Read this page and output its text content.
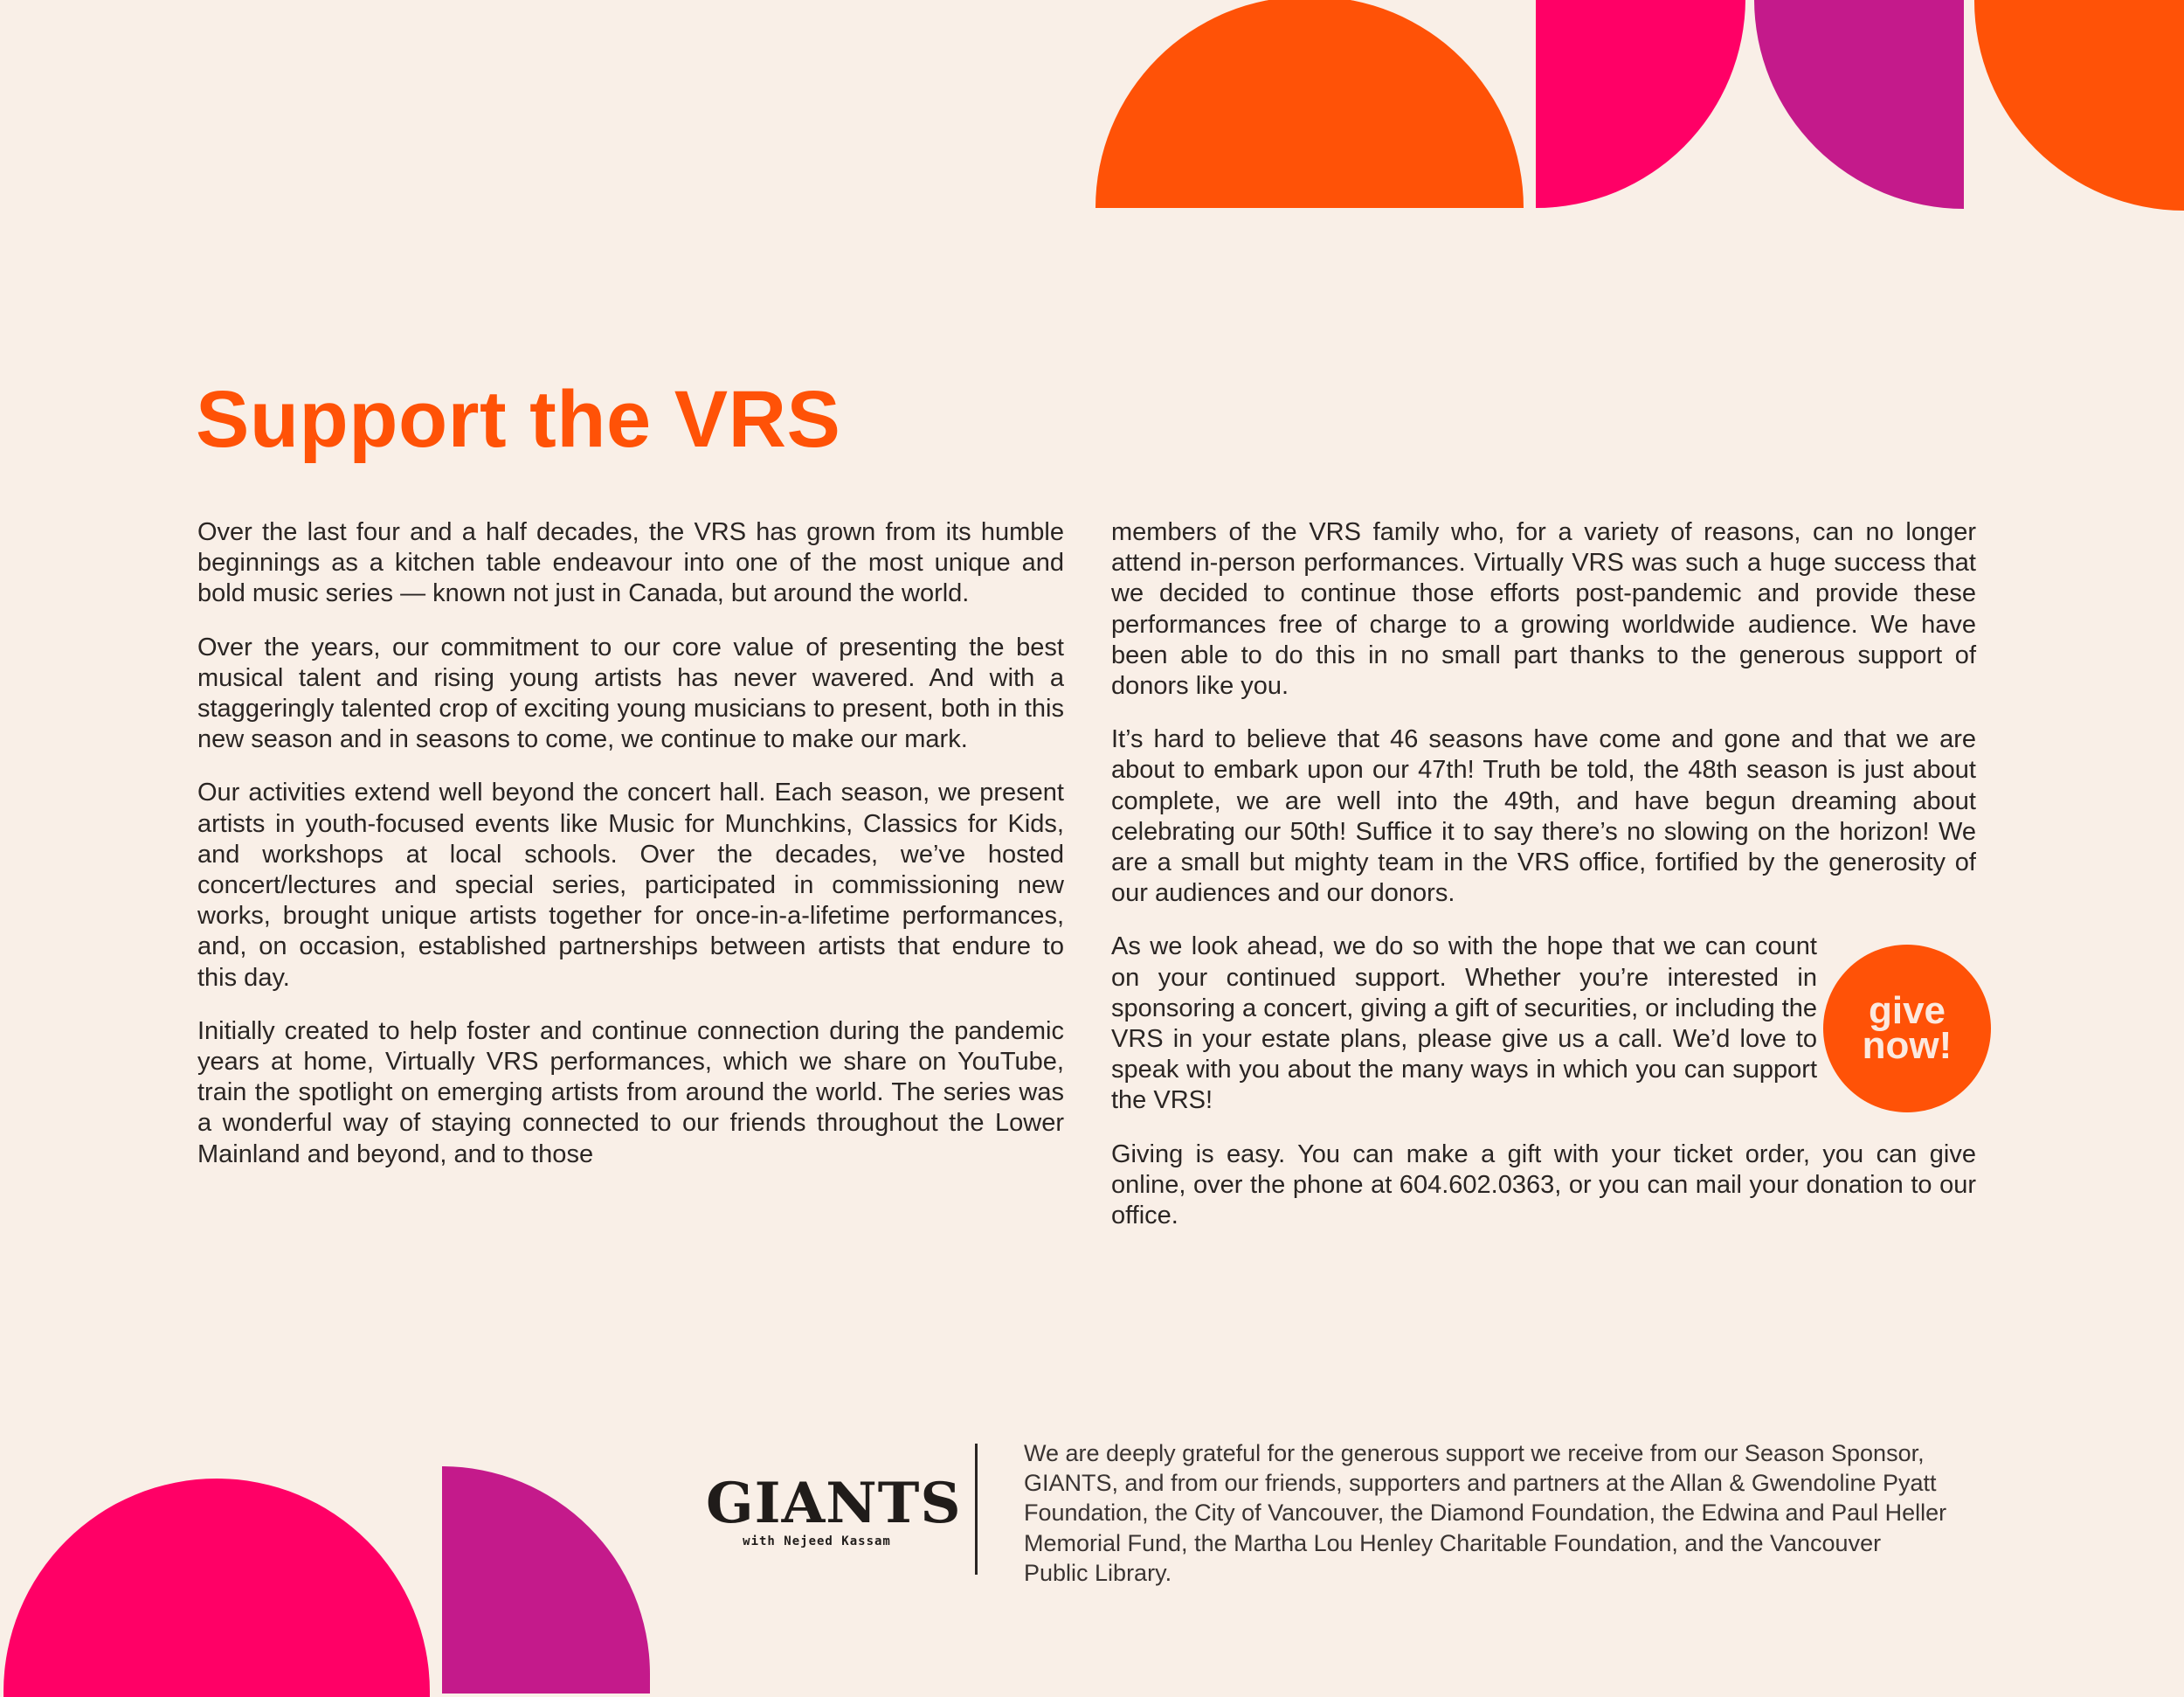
Support the VRS

Over the last four and a half decades, the VRS has grown from its humble beginnings as a kitchen table endeavour into one of the most unique and bold music series — known not just in Canada, but around the world.

Over the years, our commitment to our core value of presenting the best musical talent and rising young artists has never wavered. And with a staggeringly talented crop of exciting young musicians to present, both in this new season and in seasons to come, we continue to make our mark.

Our activities extend well beyond the concert hall. Each season, we present artists in youth-focused events like Music for Munchkins, Classics for Kids, and workshops at local schools. Over the decades, we’ve hosted concert/lectures and special series, participated in commissioning new works, brought unique artists together for once-in-a-lifetime performances, and, on occasion, established partnerships between artists that endure to this day.

Initially created to help foster and continue connection during the pandemic years at home, Virtually VRS performances, which we share on YouTube, train the spotlight on emerging artists from around the world. The series was a wonderful way of staying connected to our friends throughout the Lower Mainland and beyond, and to those

members of the VRS family who, for a variety of reasons, can no longer attend in-person performances. Virtually VRS was such a huge success that we decided to continue those efforts post-pandemic and provide these performances free of charge to a growing worldwide audience. We have been able to do this in no small part thanks to the generous support of donors like you.

It’s hard to believe that 46 seasons have come and gone and that we are about to embark upon our 47th! Truth be told, the 48th season is just about complete, we are well into the 49th, and have begun dreaming about celebrating our 50th! Suffice it to say there’s no slowing on the horizon! We are a small but mighty team in the VRS office, fortified by the generosity of our audiences and our donors.

As we look ahead, we do so with the hope that we can count on your continued support. Whether you’re interested in sponsoring a concert, giving a gift of securities, or including the VRS in your estate plans, please give us a call. We’d love to speak with you about the many ways in which you can support the VRS!

Giving is easy. You can make a gift with your ticket order, you can give online, over the phone at 604.602.0363, or you can mail your donation to our office.

give
now!
GIANTS
with Nejeed Kassam

We are deeply grateful for the generous support we receive from our Season Sponsor, GIANTS, and from our friends, supporters and partners at the Allan & Gwendoline Pyatt Foundation, the City of Vancouver, the Diamond Foundation, the Edwina and Paul Heller Memorial Fund, the Martha Lou Henley Charitable Foundation, and the Vancouver Public Library.
